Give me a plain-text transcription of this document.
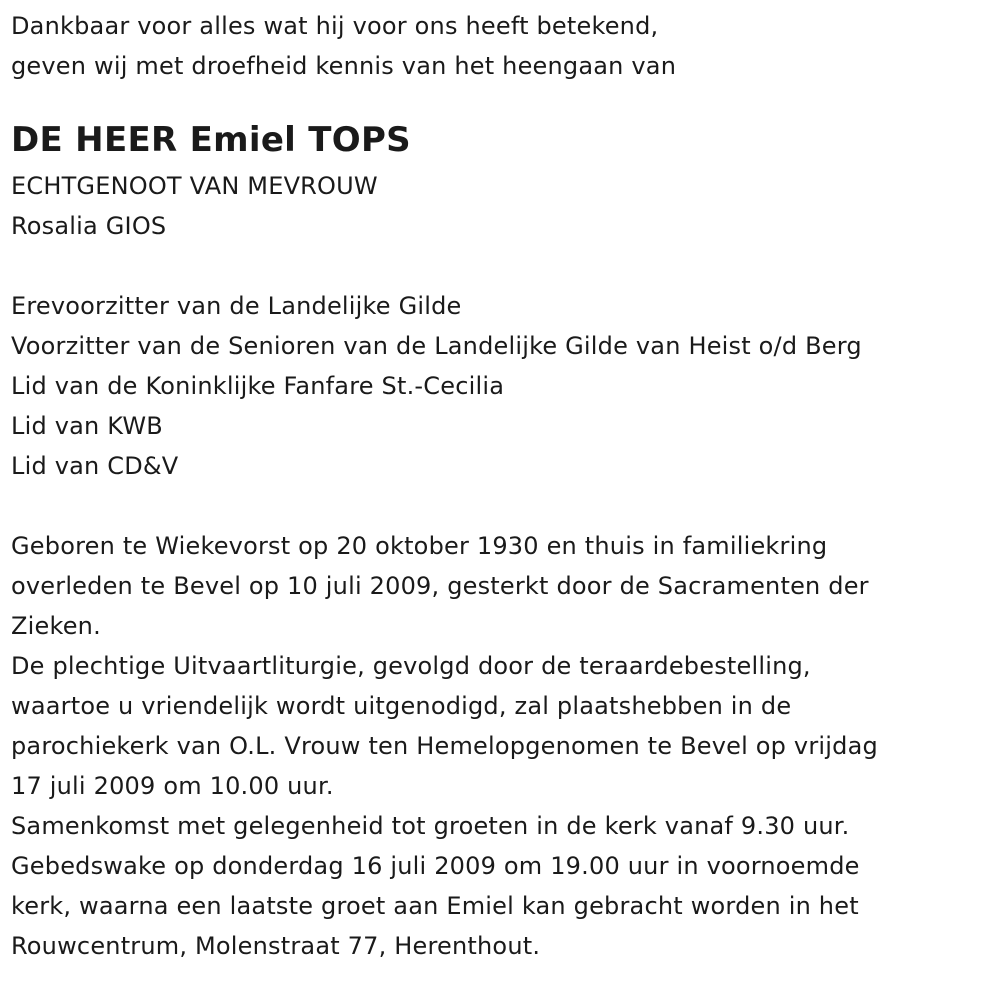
Dankbaar voor alles wat hij voor ons heeft betekend,
geven wij met droefheid kennis van het heengaan van
DE HEER Emiel TOPS
ECHTGENOOT VAN MEVROUW
Rosalia GIOS
Erevoorzitter van de Landelijke Gilde
Voorzitter van de Senioren van de Landelijke Gilde van Heist o/d Berg
Lid van de Koninklijke Fanfare St.-Cecilia
Lid van KWB
Lid van CD&V
Geboren te Wiekevorst op 20 oktober 1930 en thuis in familiekring
overleden te Bevel op 10 juli 2009, gesterkt door de Sacramenten der
Zieken.
De plechtige Uitvaartliturgie, gevolgd door de teraardebestelling,
waartoe u vriendelijk wordt uitgenodigd, zal plaatshebben in de
parochiekerk van O.L. Vrouw ten Hemelopgenomen te Bevel op vrijdag
17 juli 2009 om 10.00 uur.
Samenkomst met gelegenheid tot groeten in de kerk vanaf 9.30 uur.
Gebedswake op donderdag 16 juli 2009 om 19.00 uur in voornoemde
kerk, waarna een laatste groet aan Emiel kan gebracht worden in het
Rouwcentrum, Molenstraat 77, Herenthout.
